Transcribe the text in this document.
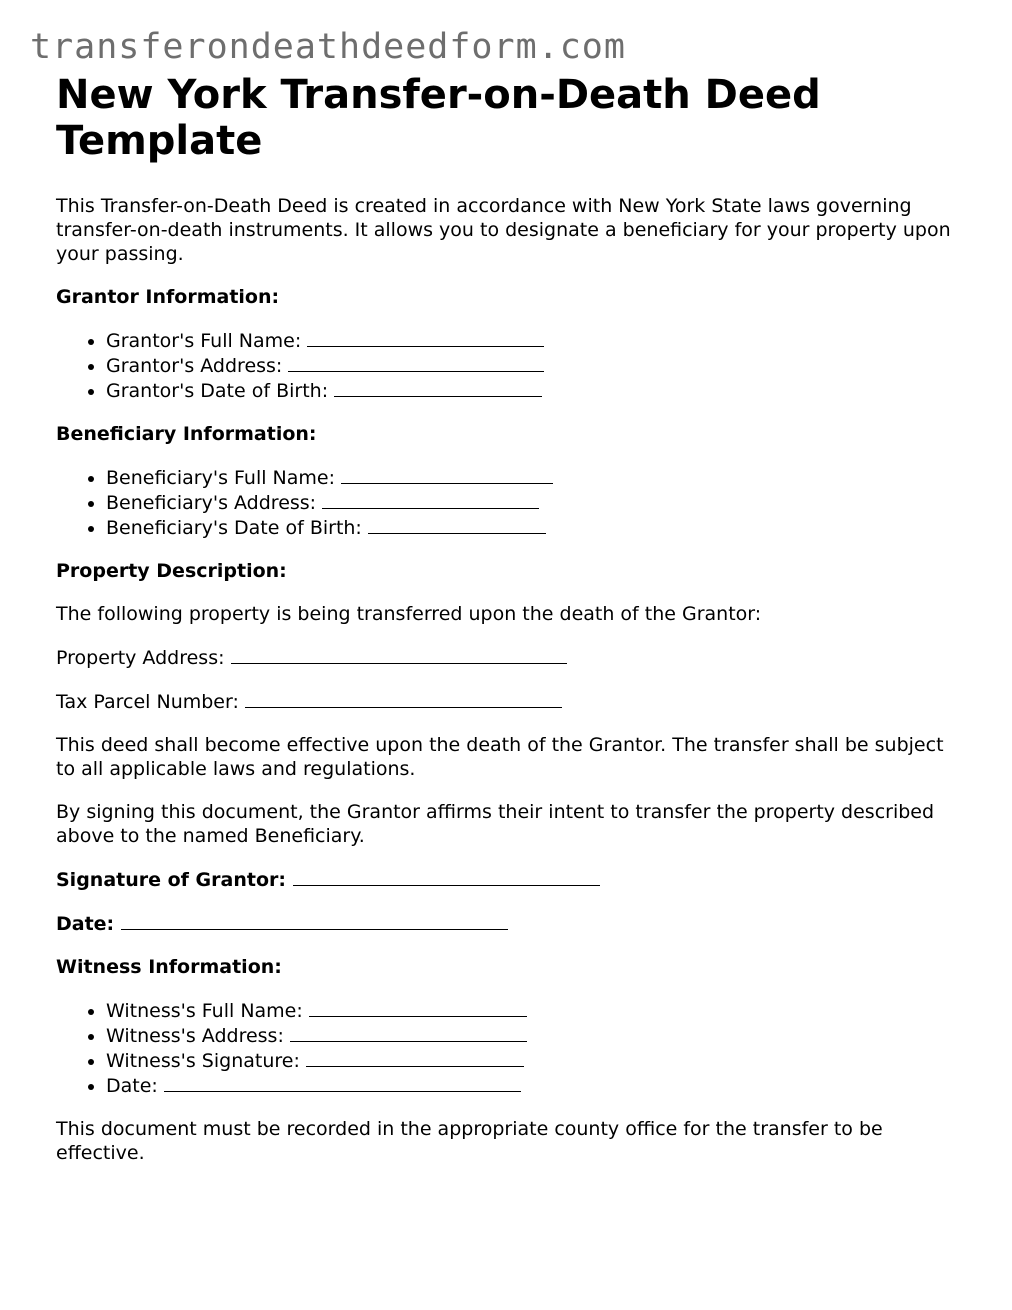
transferondeathdeedform.com
New York Transfer-on-Death Deed Template

This Transfer-on-Death Deed is created in accordance with New York State laws governing transfer-on-death instruments. It allows you to designate a beneficiary for your property upon your passing.

Grantor Information:
• Grantor's Full Name:
• Grantor's Address:
• Grantor's Date of Birth:
Beneficiary Information:
• Beneficiary's Full Name:
• Beneficiary's Address:
• Beneficiary's Date of Birth:
Property Description:

The following property is being transferred upon the death of the Grantor:

Property Address:

Tax Parcel Number:

This deed shall become effective upon the death of the Grantor. The transfer shall be subject to all applicable laws and regulations.

By signing this document, the Grantor affirms their intent to transfer the property described above to the named Beneficiary.

Signature of Grantor:

Date:

Witness Information:
• Witness's Full Name:
• Witness's Address:
• Witness's Signature:
• Date:

This document must be recorded in the appropriate county office for the transfer to be effective.
